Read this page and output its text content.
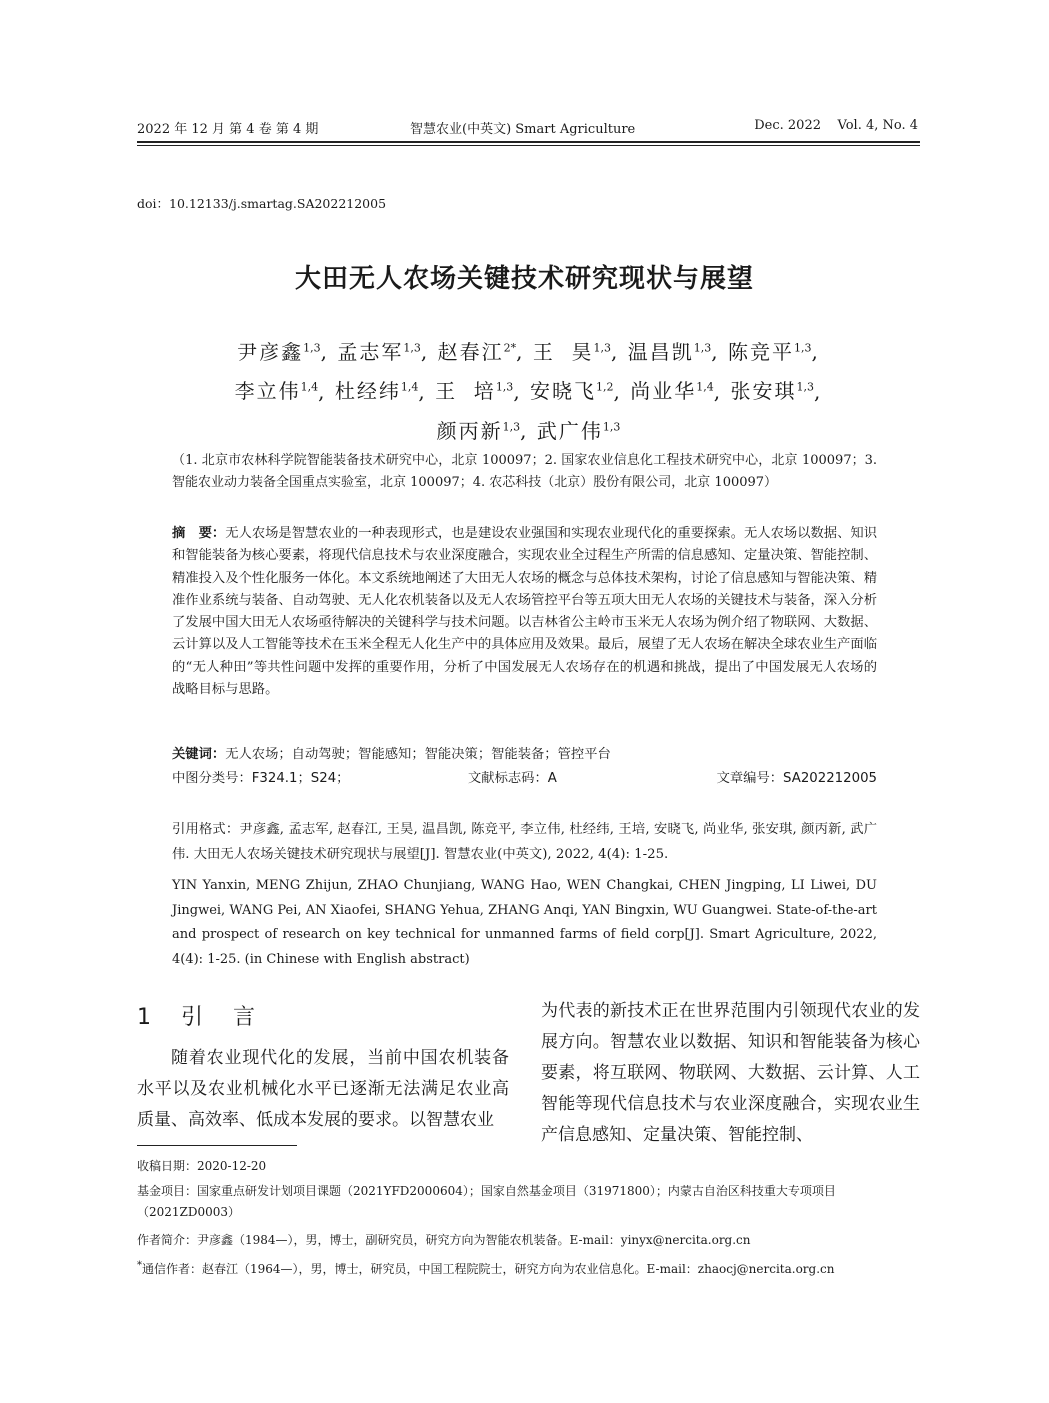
2022 年 12 月 第 4 卷 第 4 期	智慧农业(中英文) Smart Agriculture	Dec. 2022    Vol. 4, No. 4
doi：10.12133/j.smartag.SA202212005
大田无人农场关键技术研究现状与展望
尹彦鑫$^{1,3}$, 孟志军$^{1,3}$, 赵春江$^{2*}$, 王  昊$^{1,3}$, 温昌凯$^{1,3}$, 陈竞平$^{1,3}$,
李立伟$^{1,4}$, 杜经纬$^{1,4}$, 王  培$^{1,3}$, 安晓飞$^{1,2}$, 尚业华$^{1,4}$, 张安琪$^{1,3}$,
颜丙新$^{1,3}$, 武广伟$^{1,3}$
（1. 北京市农林科学院智能装备技术研究中心，北京 100097；2. 国家农业信息化工程技术研究中心，北京 100097；3. 智能农业动力装备全国重点实验室，北京 100097；4. 农芯科技（北京）股份有限公司，北京 100097）
摘　要：无人农场是智慧农业的一种表现形式，也是建设农业强国和实现农业现代化的重要探索。无人农场以数据、知识和智能装备为核心要素，将现代信息技术与农业深度融合，实现农业全过程生产所需的信息感知、定量决策、智能控制、精准投入及个性化服务一体化。本文系统地阐述了大田无人农场的概念与总体技术架构，讨论了信息感知与智能决策、精准作业系统与装备、自动驾驶、无人化农机装备以及无人农场管控平台等五项大田无人农场的关键技术与装备，深入分析了发展中国大田无人农场亟待解决的关键科学与技术问题。以吉林省公主岭市玉米无人农场为例介绍了物联网、大数据、云计算以及人工智能等技术在玉米全程无人化生产中的具体应用及效果。最后，展望了无人农场在解决全球农业生产面临的“无人种田”等共性问题中发挥的重要作用，分析了中国发展无人农场存在的机遇和挑战，提出了中国发展无人农场的战略目标与思路。
关键词：无人农场；自动驾驶；智能感知；智能决策；智能装备；管控平台
中图分类号：F324.1；S24；	文献标志码：A	文章编号：SA202212005
引用格式：尹彦鑫, 孟志军, 赵春江, 王昊, 温昌凯, 陈竞平, 李立伟, 杜经纬, 王培, 安晓飞, 尚业华, 张安琪, 颜丙新, 武广伟. 大田无人农场关键技术研究现状与展望[J]. 智慧农业(中英文), 2022, 4(4): 1-25.
YIN Yanxin, MENG Zhijun, ZHAO Chunjiang, WANG Hao, WEN Changkai, CHEN Jingping, LI Liwei, DU Jingwei, WANG Pei, AN Xiaofei, SHANG Yehua, ZHANG Anqi, YAN Bingxin, WU Guangwei. State-of-the-art and prospect of research on key technical for unmanned farms of field corp[J]. Smart Agriculture, 2022, 4(4): 1-25. (in Chinese with English abstract)
1　引　言

随着农业现代化的发展，当前中国农机装备水平以及农业机械化水平已逐渐无法满足农业高质量、高效率、低成本发展的要求。以智慧农业

为代表的新技术正在世界范围内引领现代农业的发展方向。智慧农业以数据、知识和智能装备为核心要素，将互联网、物联网、大数据、云计算、人工智能等现代信息技术与农业深度融合，实现农业生产信息感知、定量决策、智能控制、

收稿日期：2020-12-20
基金项目：国家重点研发计划项目课题（2021YFD2000604）；国家自然基金项目（31971800）；内蒙古自治区科技重大专项项目（2021ZD0003）
作者简介：尹彦鑫（1984—），男，博士，副研究员，研究方向为智能农机装备。E-mail：yinyx@nercita.org.cn
*通信作者：赵春江（1964—），男，博士，研究员，中国工程院院士，研究方向为农业信息化。E-mail：zhaocj@nercita.org.cn
